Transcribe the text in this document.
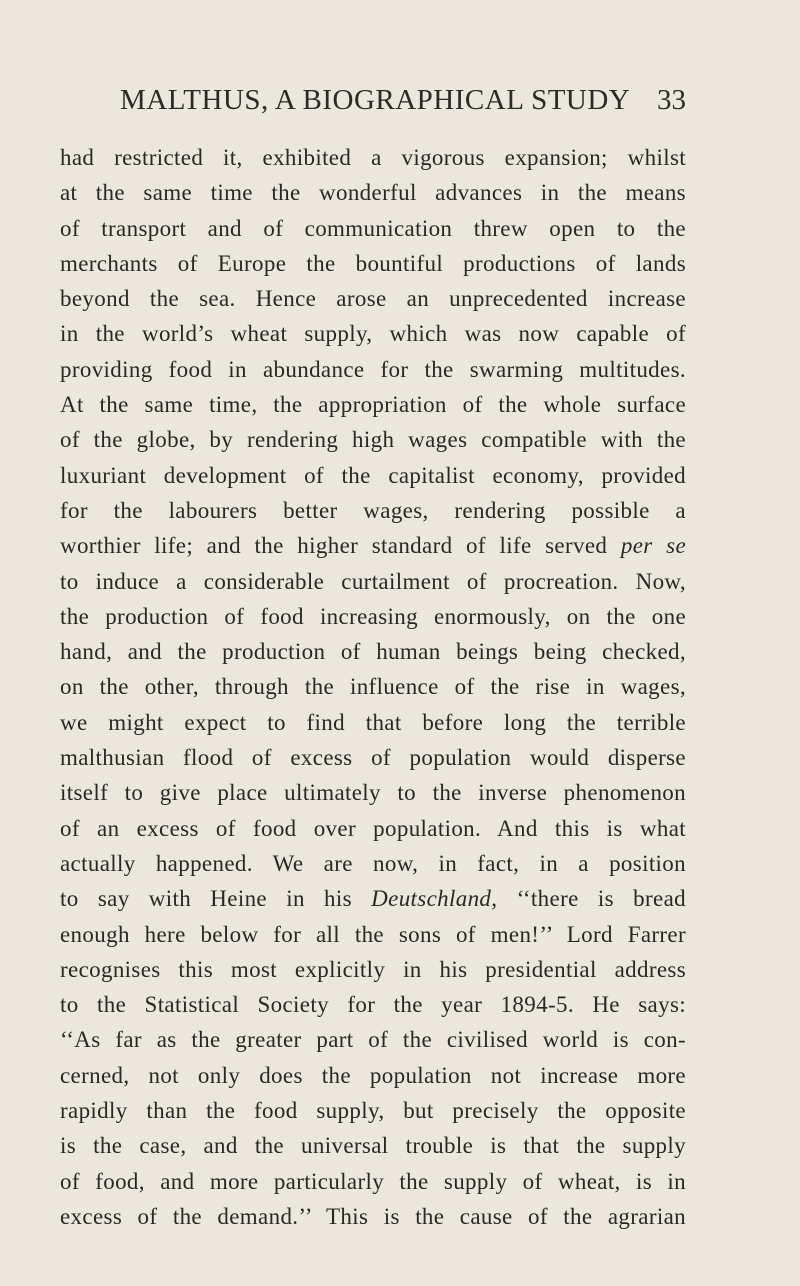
MALTHUS, A BIOGRAPHICAL STUDY 33
had restricted it, exhibited a vigorous expansion; whilst
at the same time the wonderful advances in the means
of transport and of communication threw open to the
merchants of Europe the bountiful productions of lands
beyond the sea. Hence arose an unprecedented increase
in the world’s wheat supply, which was now capable of
providing food in abundance for the swarming multitudes.
At the same time, the appropriation of the whole surface
of the globe, by rendering high wages compatible with the
luxuriant development of the capitalist economy, provided
for the labourers better wages, rendering possible a
worthier life; and the higher standard of life served per se
to induce a considerable curtailment of procreation. Now,
the production of food increasing enormously, on the one
hand, and the production of human beings being checked,
on the other, through the influence of the rise in wages,
we might expect to find that before long the terrible
malthusian flood of excess of population would disperse
itself to give place ultimately to the inverse phenomenon
of an excess of food over population. And this is what
actually happened. We are now, in fact, in a position
to say with Heine in his Deutschland, ‘‘there is bread
enough here below for all the sons of men!’’ Lord Farrer
recognises this most explicitly in his presidential address
to the Statistical Society for the year 1894-5. He says:
‘‘As far as the greater part of the civilised world is con-
cerned, not only does the population not increase more
rapidly than the food supply, but precisely the opposite
is the case, and the universal trouble is that the supply
of food, and more particularly the supply of wheat, is in
excess of the demand.’’ This is the cause of the agrarian
